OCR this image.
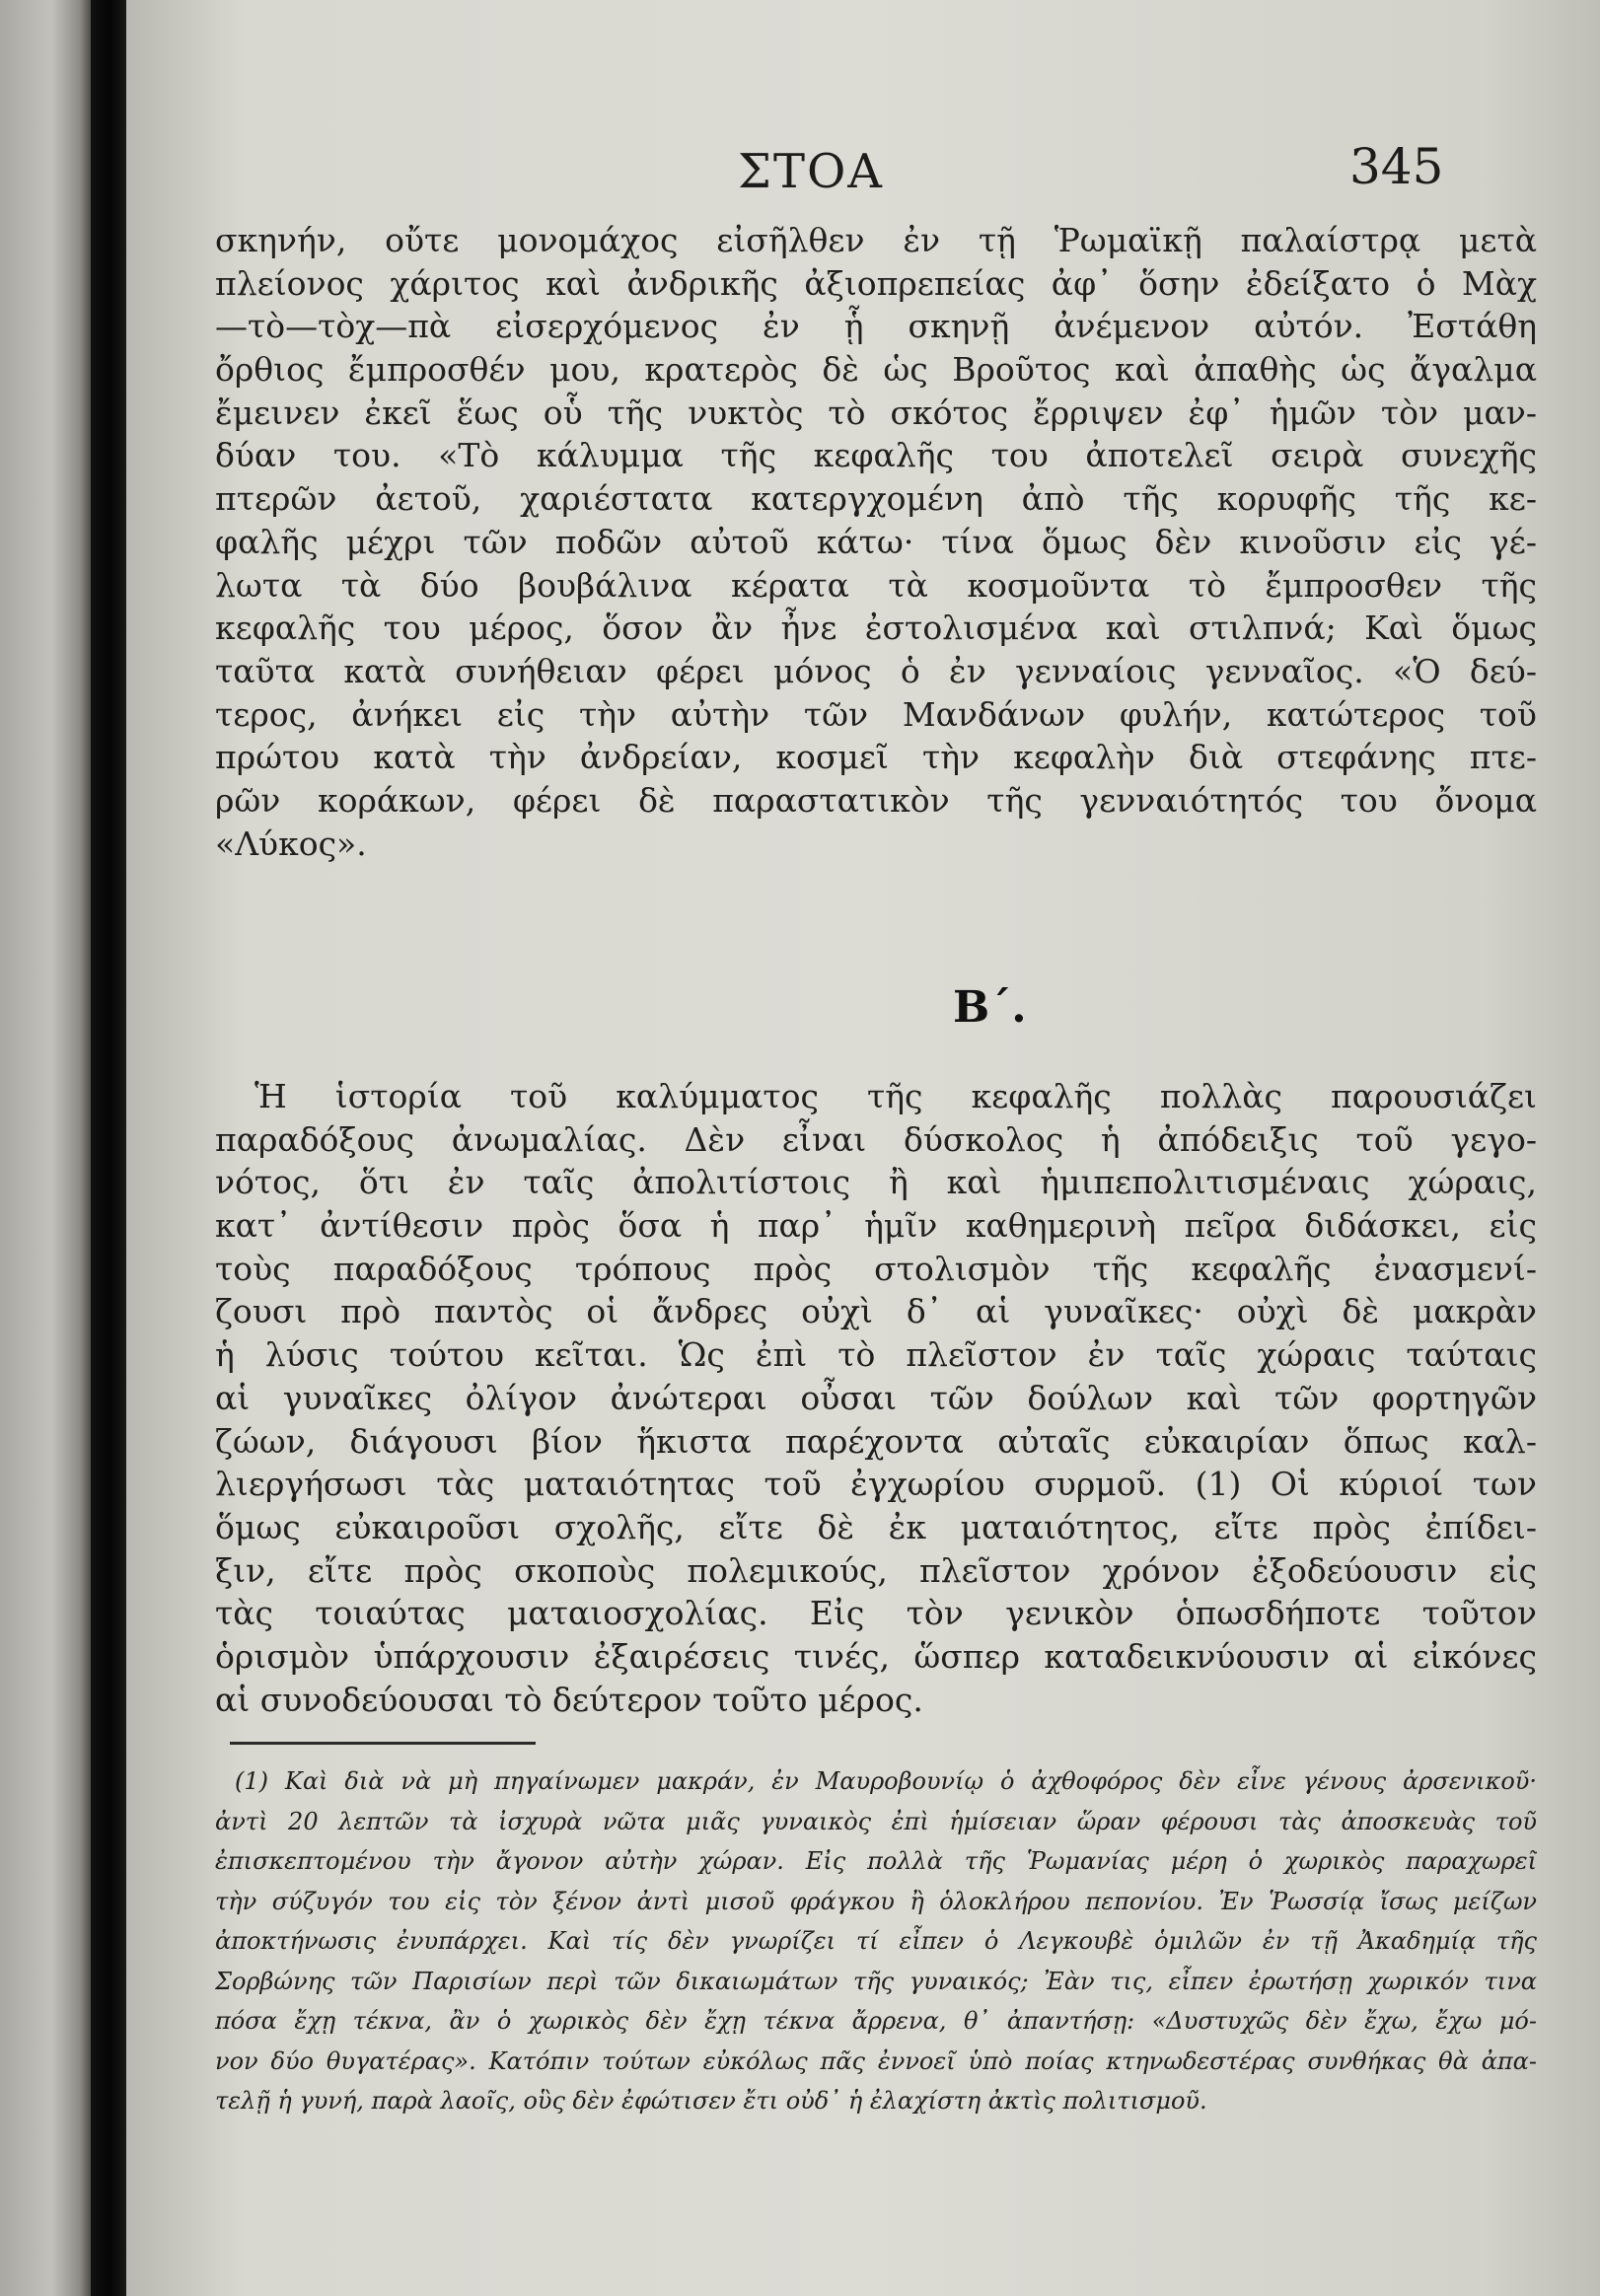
ΣΤΟΑ	345
σκηνήν, οὔτε μονομάχος εἰσῆλθεν ἐν τῇ Ῥωμαϊκῇ παλαίστρᾳ μετὰ
πλείονος χάριτος καὶ ἀνδρικῆς ἀξιοπρεπείας ἀφ᾽ ὅσην ἐδείξατο ὁ Μὰχ
—τὸ—τὸχ—πὰ εἰσερχόμενος ἐν ᾗ σκηνῇ ἀνέμενον αὐτόν. Ἐστάθη
ὄρθιος ἔμπροσθέν μου, κρατερὸς δὲ ὡς Βροῦτος καὶ ἀπαθὴς ὡς ἄγαλμα
ἔμεινεν ἐκεῖ ἕως οὗ τῆς νυκτὸς τὸ σκότος ἔρριψεν ἐφ᾽ ἡμῶν τὸν μαν-
δύαν του. «Τὸ κάλυμμα τῆς κεφαλῆς του ἀποτελεῖ σειρὰ συνεχῆς
πτερῶν ἀετοῦ, χαριέστατα κατεργχομένη ἀπὸ τῆς κορυφῆς τῆς κε-
φαλῆς μέχρι τῶν ποδῶν αὐτοῦ κάτω· τίνα ὅμως δὲν κινοῦσιν εἰς γέ-
λωτα τὰ δύο βουβάλινα κέρατα τὰ κοσμοῦντα τὸ ἔμπροσθεν τῆς
κεφαλῆς του μέρος, ὅσον ἂν ἦνε ἐστολισμένα καὶ στιλπνά; Καὶ ὅμως
ταῦτα κατὰ συνήθειαν φέρει μόνος ὁ ἐν γενναίοις γενναῖος. «Ὁ δεύ-
τερος, ἀνήκει εἰς τὴν αὐτὴν τῶν Μανδάνων φυλήν, κατώτερος τοῦ
πρώτου κατὰ τὴν ἀνδρείαν, κοσμεῖ τὴν κεφαλὴν διὰ στεφάνης πτε-
ρῶν κοράκων, φέρει δὲ παραστατικὸν τῆς γενναιότητός του ὄνομα
«Λύκος».
Β΄.
Ἡ ἱστορία τοῦ καλύμματος τῆς κεφαλῆς πολλὰς παρουσιάζει
παραδόξους ἀνωμαλίας. Δὲν εἶναι δύσκολος ἡ ἀπόδειξις τοῦ γεγο-
νότος, ὅτι ἐν ταῖς ἀπολιτίστοις ἢ καὶ ἡμιπεπολιτισμέναις χώραις,
κατ᾽ ἀντίθεσιν πρὸς ὅσα ἡ παρ᾽ ἡμῖν καθημερινὴ πεῖρα διδάσκει, εἰς
τοὺς παραδόξους τρόπους πρὸς στολισμὸν τῆς κεφαλῆς ἐνασμενί-
ζουσι πρὸ παντὸς οἱ ἄνδρες οὐχὶ δ᾽ αἱ γυναῖκες· οὐχὶ δὲ μακρὰν
ἡ λύσις τούτου κεῖται. Ὡς ἐπὶ τὸ πλεῖστον ἐν ταῖς χώραις ταύταις
αἱ γυναῖκες ὀλίγον ἀνώτεραι οὖσαι τῶν δούλων καὶ τῶν φορτηγῶν
ζώων, διάγουσι βίον ἥκιστα παρέχοντα αὐταῖς εὐκαιρίαν ὅπως καλ-
λιεργήσωσι τὰς ματαιότητας τοῦ ἐγχωρίου συρμοῦ. (1) Οἱ κύριοί των
ὅμως εὐκαιροῦσι σχολῆς, εἴτε δὲ ἐκ ματαιότητος, εἴτε πρὸς ἐπίδει-
ξιν, εἴτε πρὸς σκοποὺς πολεμικούς, πλεῖστον χρόνον ἐξοδεύουσιν εἰς
τὰς τοιαύτας ματαιοσχολίας. Εἰς τὸν γενικὸν ὁπωσδήποτε τοῦτον
ὁρισμὸν ὑπάρχουσιν ἐξαιρέσεις τινές, ὥσπερ καταδεικνύουσιν αἱ εἰκόνες
αἱ συνοδεύουσαι τὸ δεύτερον τοῦτο μέρος.
(1) Καὶ διὰ νὰ μὴ πηγαίνωμεν μακράν, ἐν Μαυροβουνίῳ ὁ ἀχθοφόρος δὲν εἶνε γένους ἀρσενικοῦ·
ἀντὶ 20 λεπτῶν τὰ ἰσχυρὰ νῶτα μιᾶς γυναικὸς ἐπὶ ἡμίσειαν ὥραν φέρουσι τὰς ἀποσκευὰς τοῦ
ἐπισκεπτομένου τὴν ἄγονον αὐτὴν χώραν. Εἰς πολλὰ τῆς Ῥωμανίας μέρη ὁ χωρικὸς παραχωρεῖ
τὴν σύζυγόν του εἰς τὸν ξένον ἀντὶ μισοῦ φράγκου ἢ ὁλοκλήρου πεπονίου. Ἐν Ῥωσσίᾳ ἴσως μείζων
ἀποκτήνωσις ἐνυπάρχει. Καὶ τίς δὲν γνωρίζει τί εἶπεν ὁ Λεγκουβὲ ὁμιλῶν ἐν τῇ Ἀκαδημίᾳ τῆς
Σορβώνης τῶν Παρισίων περὶ τῶν δικαιωμάτων τῆς γυναικός; Ἐὰν τις, εἶπεν ἐρωτήσῃ χωρικόν τινα
πόσα ἔχῃ τέκνα, ἂν ὁ χωρικὸς δὲν ἔχῃ τέκνα ἄρρενα, θ᾽ ἀπαντήσῃ: «Δυστυχῶς δὲν ἔχω, ἔχω μό-
νον δύο θυγατέρας». Κατόπιν τούτων εὐκόλως πᾶς ἐννοεῖ ὑπὸ ποίας κτηνωδεστέρας συνθήκας θὰ ἀπα-
τελῇ ἡ γυνή, παρὰ λαοῖς, οὓς δὲν ἐφώτισεν ἔτι οὐδ᾽ ἡ ἐλαχίστη ἀκτὶς πολιτισμοῦ.
